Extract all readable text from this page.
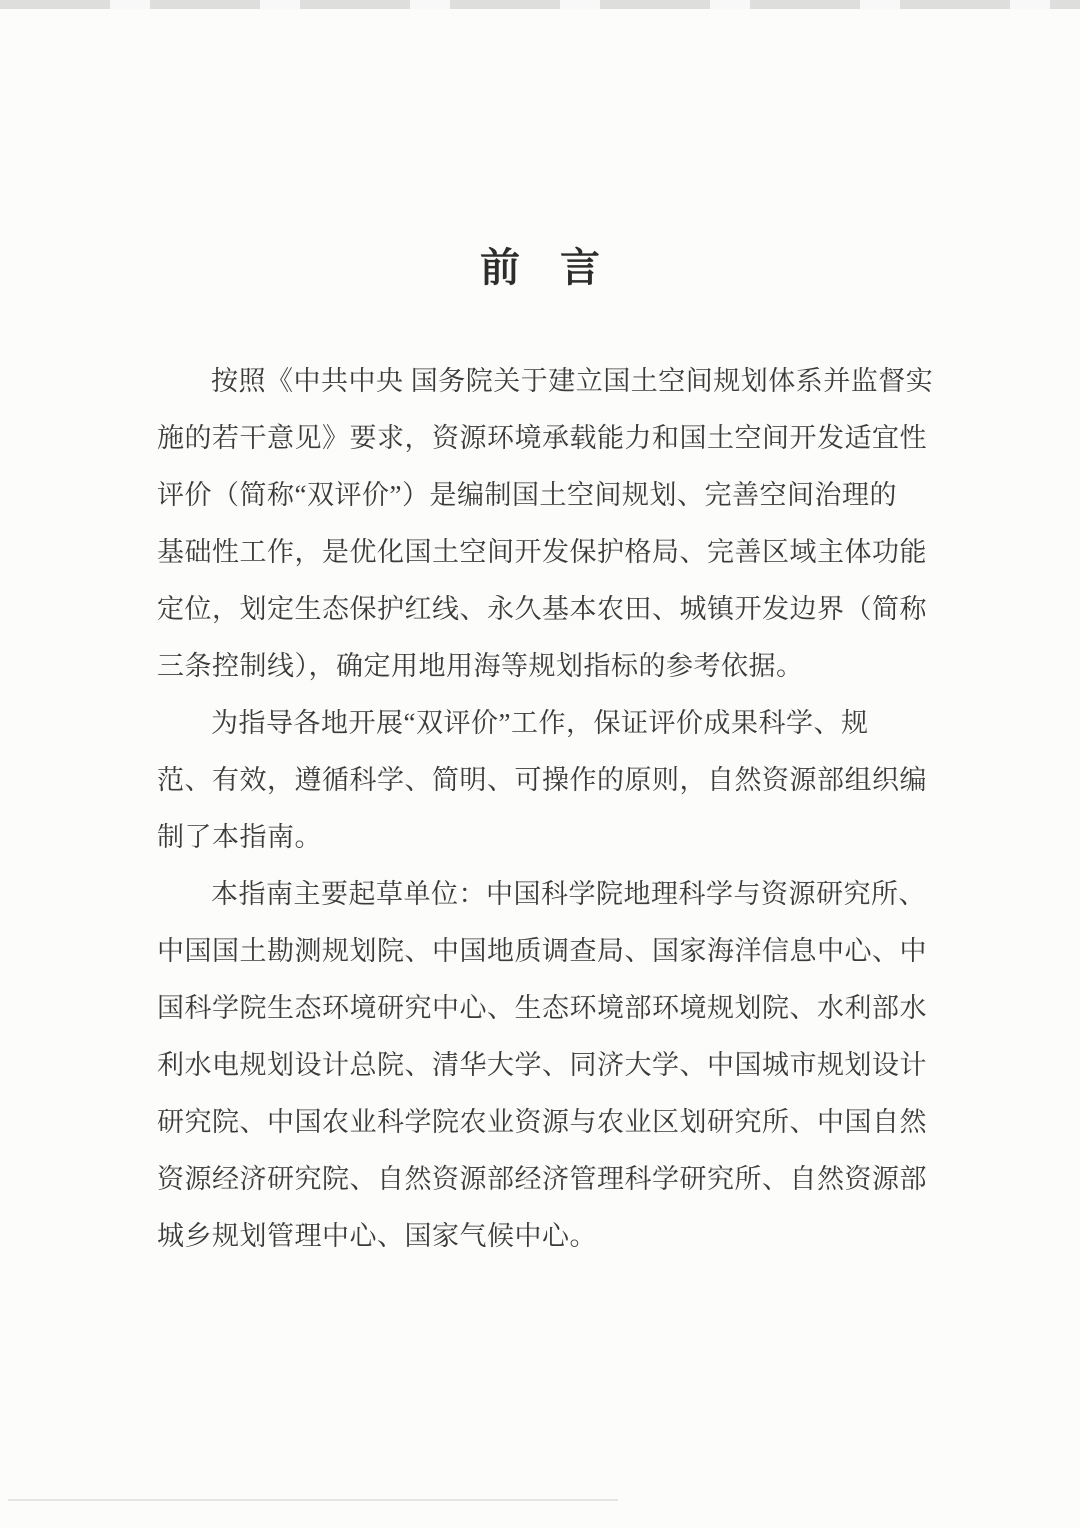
前　言

按照《中共中央 国务院关于建立国土空间规划体系并监督实
施的若干意见》要求，资源环境承载能力和国土空间开发适宜性
评价（简称“双评价”）是编制国土空间规划、完善空间治理的
基础性工作，是优化国土空间开发保护格局、完善区域主体功能
定位，划定生态保护红线、永久基本农田、城镇开发边界（简称
三条控制线），确定用地用海等规划指标的参考依据。

为指导各地开展“双评价”工作，保证评价成果科学、规
范、有效，遵循科学、简明、可操作的原则，自然资源部组织编
制了本指南。

本指南主要起草单位：中国科学院地理科学与资源研究所、
中国国土勘测规划院、中国地质调查局、国家海洋信息中心、中
国科学院生态环境研究中心、生态环境部环境规划院、水利部水
利水电规划设计总院、清华大学、同济大学、中国城市规划设计
研究院、中国农业科学院农业资源与农业区划研究所、中国自然
资源经济研究院、自然资源部经济管理科学研究所、自然资源部
城乡规划管理中心、国家气候中心。
